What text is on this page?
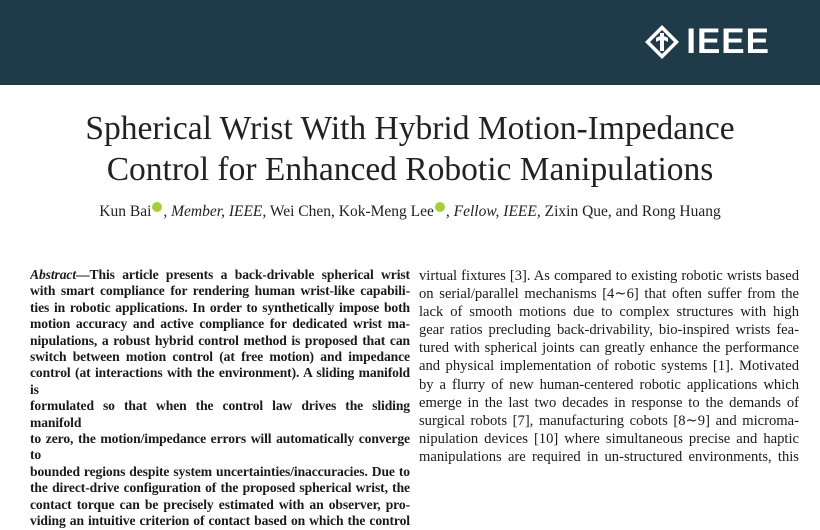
IEEE
Spherical Wrist With Hybrid Motion-Impedance
Control for Enhanced Robotic Manipulations
Kun Bai , Member, IEEE, Wei Chen, Kok-Meng Lee , Fellow, IEEE, Zixin Que, and Rong Huang
Abstract—This article presents a back-drivable spherical wrist
with smart compliance for rendering human wrist-like capabili-
ties in robotic applications. In order to synthetically impose both
motion accuracy and active compliance for dedicated wrist ma-
nipulations, a robust hybrid control method is proposed that can
switch between motion control (at free motion) and impedance
control (at interactions with the environment). A sliding manifold is
formulated so that when the control law drives the sliding manifold
to zero, the motion/impedance errors will automatically converge to
bounded regions despite system uncertainties/inaccuracies. Due to
the direct-drive configuration of the proposed spherical wrist, the
contact torque can be precisely estimated with an observer, pro-
viding an intuitive criterion of contact based on which the control
virtual fixtures [3]. As compared to existing robotic wrists based
on serial/parallel mechanisms [4∼6] that often suffer from the
lack of smooth motions due to complex structures with high
gear ratios precluding back-drivability, bio-inspired wrists fea-
tured with spherical joints can greatly enhance the performance
and physical implementation of robotic systems [1]. Motivated
by a flurry of new human-centered robotic applications which
emerge in the last two decades in response to the demands of
surgical robots [7], manufacturing cobots [8∼9] and microma-
nipulation devices [10] where simultaneous precise and haptic
manipulations are required in un-structured environments, this
